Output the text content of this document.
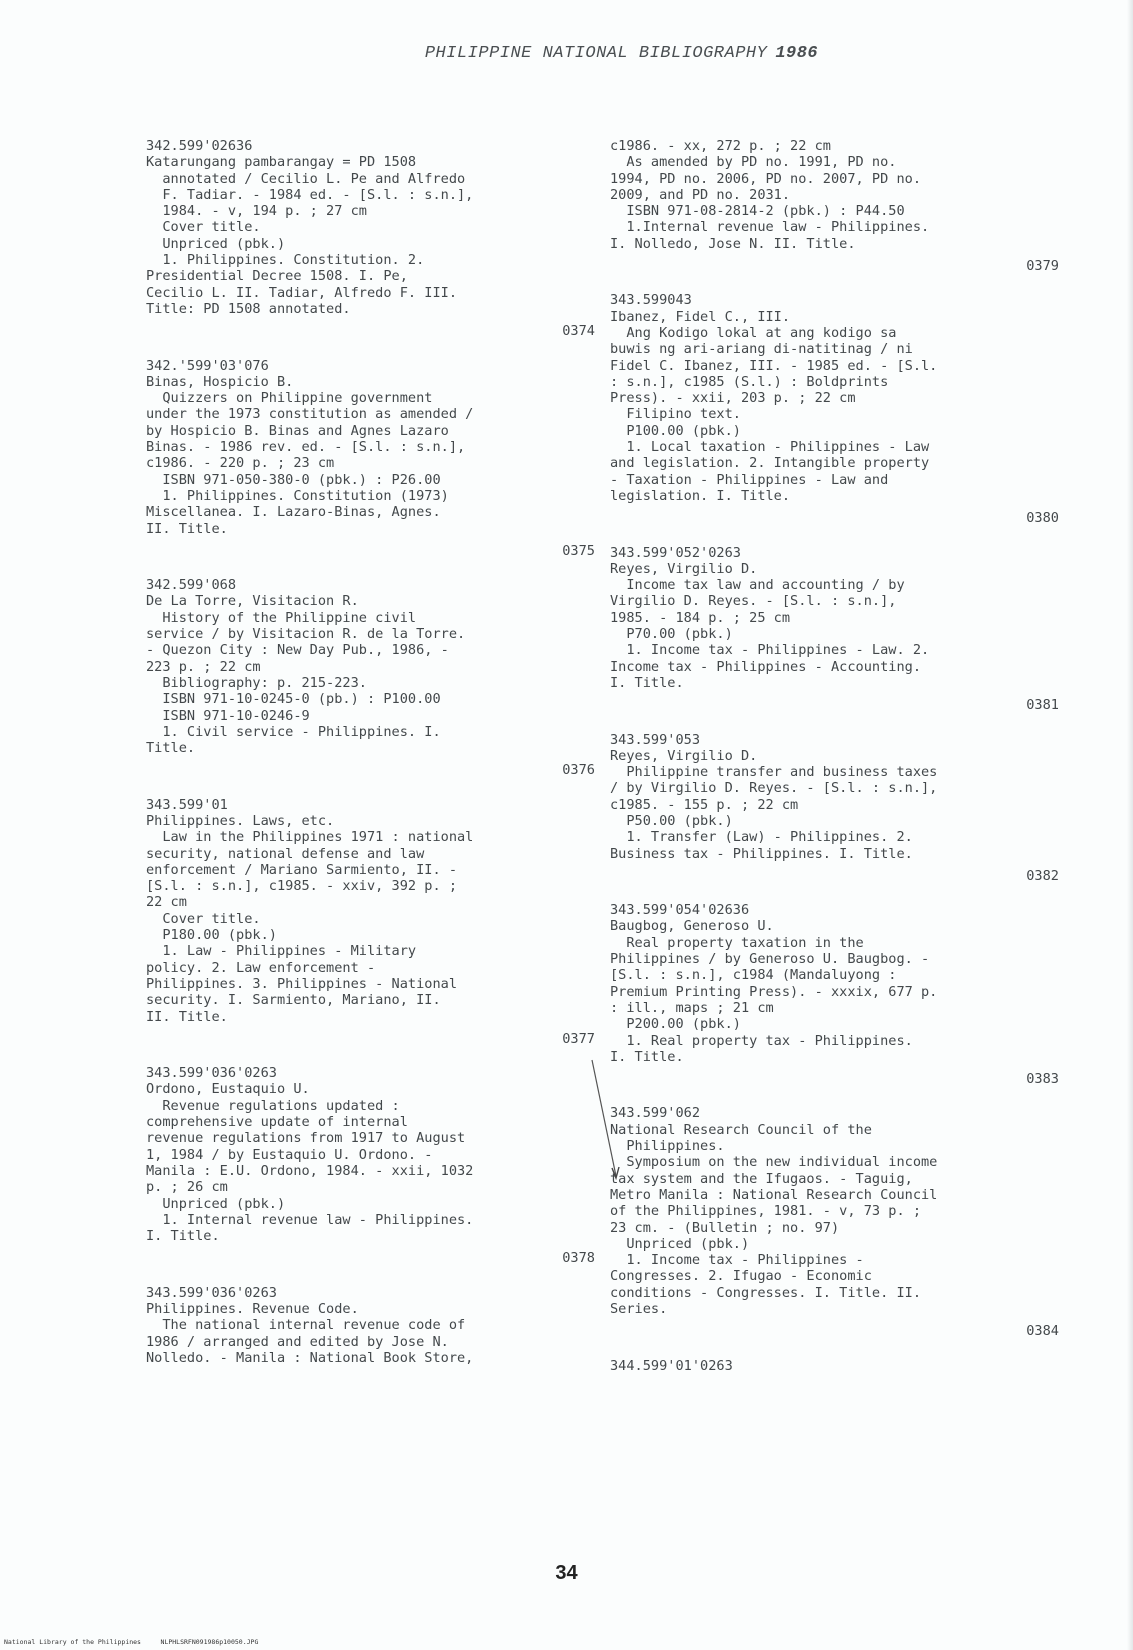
PHILIPPINE NATIONAL BIBLIOGRAPHY 1986
342.599'02636
Katarungang pambarangay = PD 1508
annotated / Cecilio L. Pe and Alfredo
F. Tadiar. - 1984 ed. - [S.l. : s.n.],
1984. - v, 194 p. ; 27 cm
Cover title.
Unpriced (pbk.)
1. Philippines. Constitution. 2.
Presidential Decree 1508. I. Pe,
Cecilio L. II. Tadiar, Alfredo F. III.
Title: PD 1508 annotated.
0374
342.'599'03'076
Binas, Hospicio B.
Quizzers on Philippine government
under the 1973 constitution as amended /
by Hospicio B. Binas and Agnes Lazaro
Binas. - 1986 rev. ed. - [S.l. : s.n.],
c1986. - 220 p. ; 23 cm
ISBN 971-050-380-0 (pbk.) : P26.00
1. Philippines. Constitution (1973)
Miscellanea. I. Lazaro-Binas, Agnes.
II. Title.
0375
342.599'068
De La Torre, Visitacion R.
History of the Philippine civil
service / by Visitacion R. de la Torre.
- Quezon City : New Day Pub., 1986, -
223 p. ; 22 cm
Bibliography: p. 215-223.
ISBN 971-10-0245-0 (pb.) : P100.00
ISBN 971-10-0246-9
1. Civil service - Philippines. I.
Title.
0376
343.599'01
Philippines. Laws, etc.
Law in the Philippines 1971 : national
security, national defense and law
enforcement / Mariano Sarmiento, II. -
[S.l. : s.n.], c1985. - xxiv, 392 p. ;
22 cm
Cover title.
P180.00 (pbk.)
1. Law - Philippines - Military
policy. 2. Law enforcement -
Philippines. 3. Philippines - National
security. I. Sarmiento, Mariano, II.
II. Title.
0377
343.599'036'0263
Ordono, Eustaquio U.
Revenue regulations updated :
comprehensive update of internal
revenue regulations from 1917 to August
1, 1984 / by Eustaquio U. Ordono. -
Manila : E.U. Ordono, 1984. - xxii, 1032
p. ; 26 cm
Unpriced (pbk.)
1. Internal revenue law - Philippines.
I. Title.
0378
343.599'036'0263
Philippines. Revenue Code.
The national internal revenue code of
1986 / arranged and edited by Jose N.
Nolledo. - Manila : National Book Store,
c1986. - xx, 272 p. ; 22 cm
As amended by PD no. 1991, PD no.
1994, PD no. 2006, PD no. 2007, PD no.
2009, and PD no. 2031.
ISBN 971-08-2814-2 (pbk.) : P44.50
1.Internal revenue law - Philippines.
I. Nolledo, Jose N. II. Title.
0379
343.599043
Ibanez, Fidel C., III.
Ang Kodigo lokal at ang kodigo sa
buwis ng ari-ariang di-natitinag / ni
Fidel C. Ibanez, III. - 1985 ed. - [S.l.
: s.n.], c1985 (S.l.) : Boldprints
Press). - xxii, 203 p. ; 22 cm
Filipino text.
P100.00 (pbk.)
1. Local taxation - Philippines - Law
and legislation. 2. Intangible property
- Taxation - Philippines - Law and
legislation. I. Title.
0380
343.599'052'0263
Reyes, Virgilio D.
Income tax law and accounting / by
Virgilio D. Reyes. - [S.l. : s.n.],
1985. - 184 p. ; 25 cm
P70.00 (pbk.)
1. Income tax - Philippines - Law. 2.
Income tax - Philippines - Accounting.
I. Title.
0381
343.599'053
Reyes, Virgilio D.
Philippine transfer and business taxes
/ by Virgilio D. Reyes. - [S.l. : s.n.],
c1985. - 155 p. ; 22 cm
P50.00 (pbk.)
1. Transfer (Law) - Philippines. 2.
Business tax - Philippines. I. Title.
0382
343.599'054'02636
Baugbog, Generoso U.
Real property taxation in the
Philippines / by Generoso U. Baugbog. -
[S.l. : s.n.], c1984 (Mandaluyong :
Premium Printing Press). - xxxix, 677 p.
: ill., maps ; 21 cm
P200.00 (pbk.)
1. Real property tax - Philippines.
I. Title.
0383
343.599'062
National Research Council of the
Philippines.
Symposium on the new individual income
tax system and the Ifugaos. - Taguig,
Metro Manila : National Research Council
of the Philippines, 1981. - v, 73 p. ;
23 cm. - (Bulletin ; no. 97)
Unpriced (pbk.)
1. Income tax - Philippines -
Congresses. 2. Ifugao - Economic
conditions - Congresses. I. Title. II.
Series.
0384
344.599'01'0263
34
National Library of the Philippines     NLPHLSRFN091986p10050.JPG
